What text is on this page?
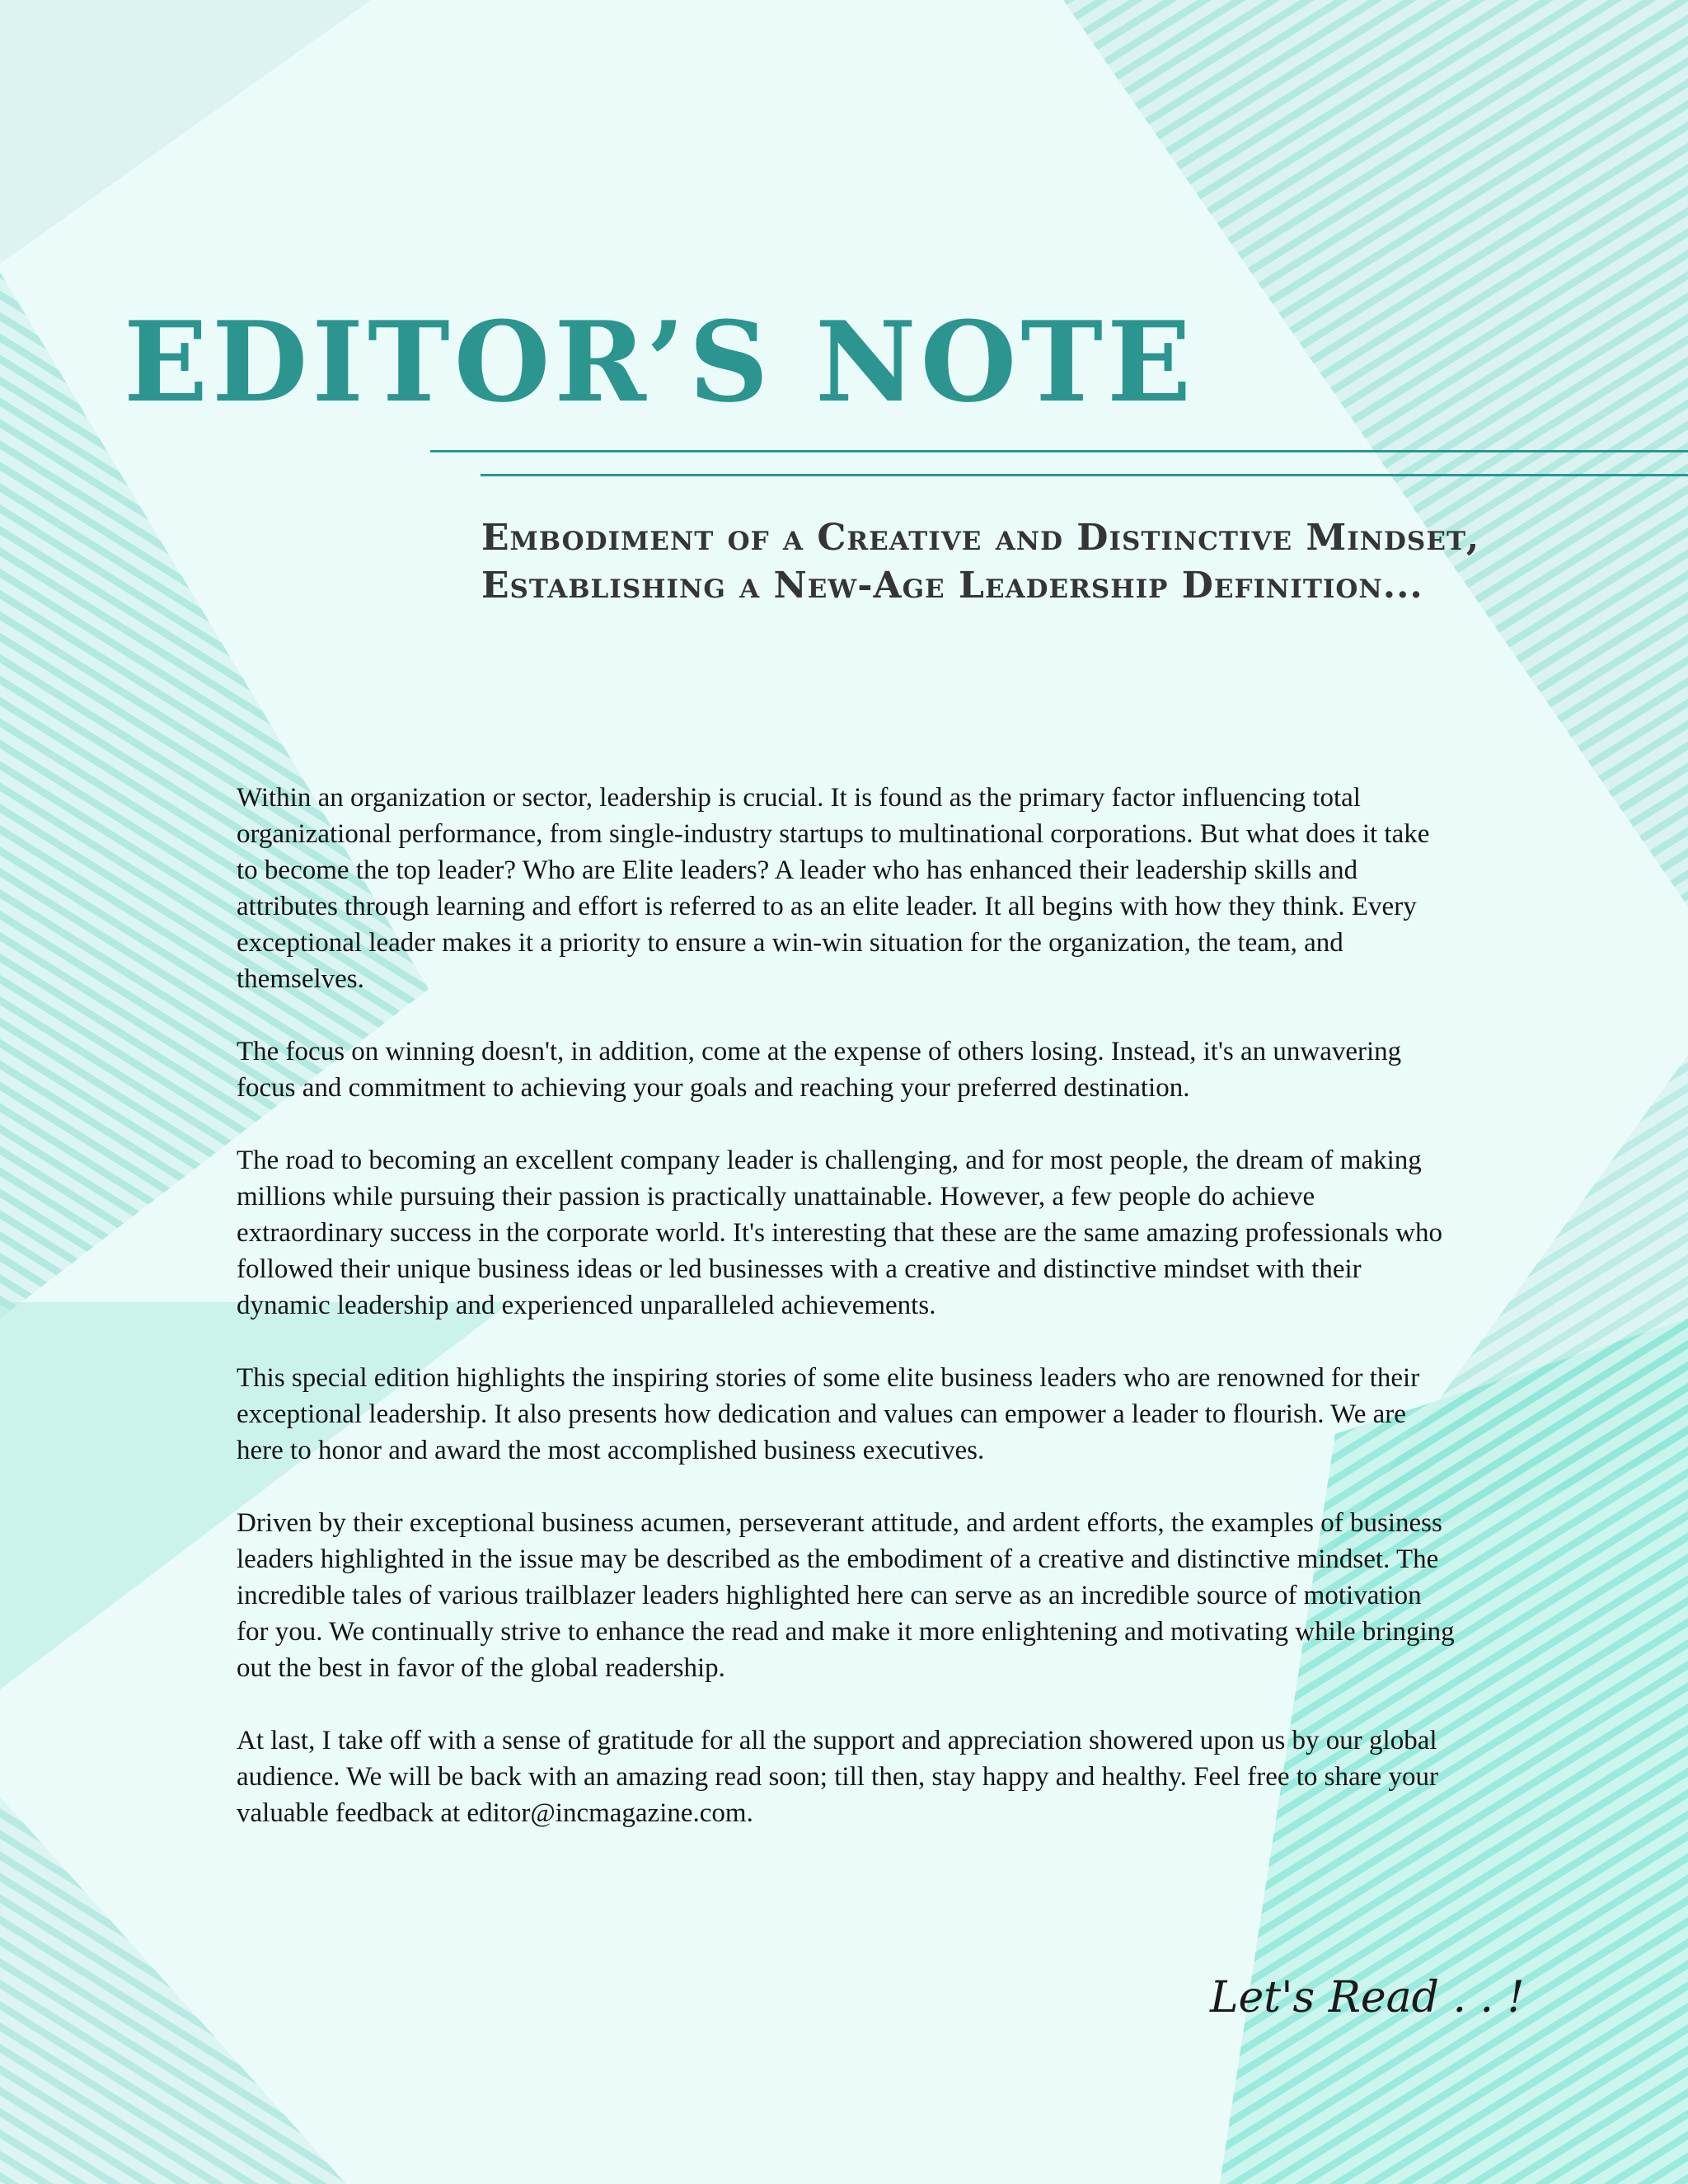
EDITOR’S NOTE
Embodiment of a Creative and Distinctive Mindset,
Establishing a New-Age Leadership Definition...

Within an organization or sector, leadership is crucial. It is found as the primary factor influencing total organizational performance, from single-industry startups to multinational corporations. But what does it take to become the top leader? Who are Elite leaders? A leader who has enhanced their leadership skills and attributes through learning and effort is referred to as an elite leader. It all begins with how they think. Every exceptional leader makes it a priority to ensure a win-win situation for the organization, the team, and themselves.

The focus on winning doesn't, in addition, come at the expense of others losing. Instead, it's an unwavering focus and commitment to achieving your goals and reaching your preferred destination.

The road to becoming an excellent company leader is challenging, and for most people, the dream of making millions while pursuing their passion is practically unattainable. However, a few people do achieve extraordinary success in the corporate world. It's interesting that these are the same amazing professionals who followed their unique business ideas or led businesses with a creative and distinctive mindset with their dynamic leadership and experienced unparalleled achievements.

This special edition highlights the inspiring stories of some elite business leaders who are renowned for their exceptional leadership. It also presents how dedication and values can empower a leader to flourish. We are here to honor and award the most accomplished business executives.

Driven by their exceptional business acumen, perseverant attitude, and ardent efforts, the examples of business leaders highlighted in the issue may be described as the embodiment of a creative and distinctive mindset. The incredible tales of various trailblazer leaders highlighted here can serve as an incredible source of motivation for you. We continually strive to enhance the read and make it more enlightening and motivating while bringing out the best in favor of the global readership.

At last, I take off with a sense of gratitude for all the support and appreciation showered upon us by our global audience. We will be back with an amazing read soon; till then, stay happy and healthy. Feel free to share your valuable feedback at editor@incmagazine.com.

Let's Read . . !
